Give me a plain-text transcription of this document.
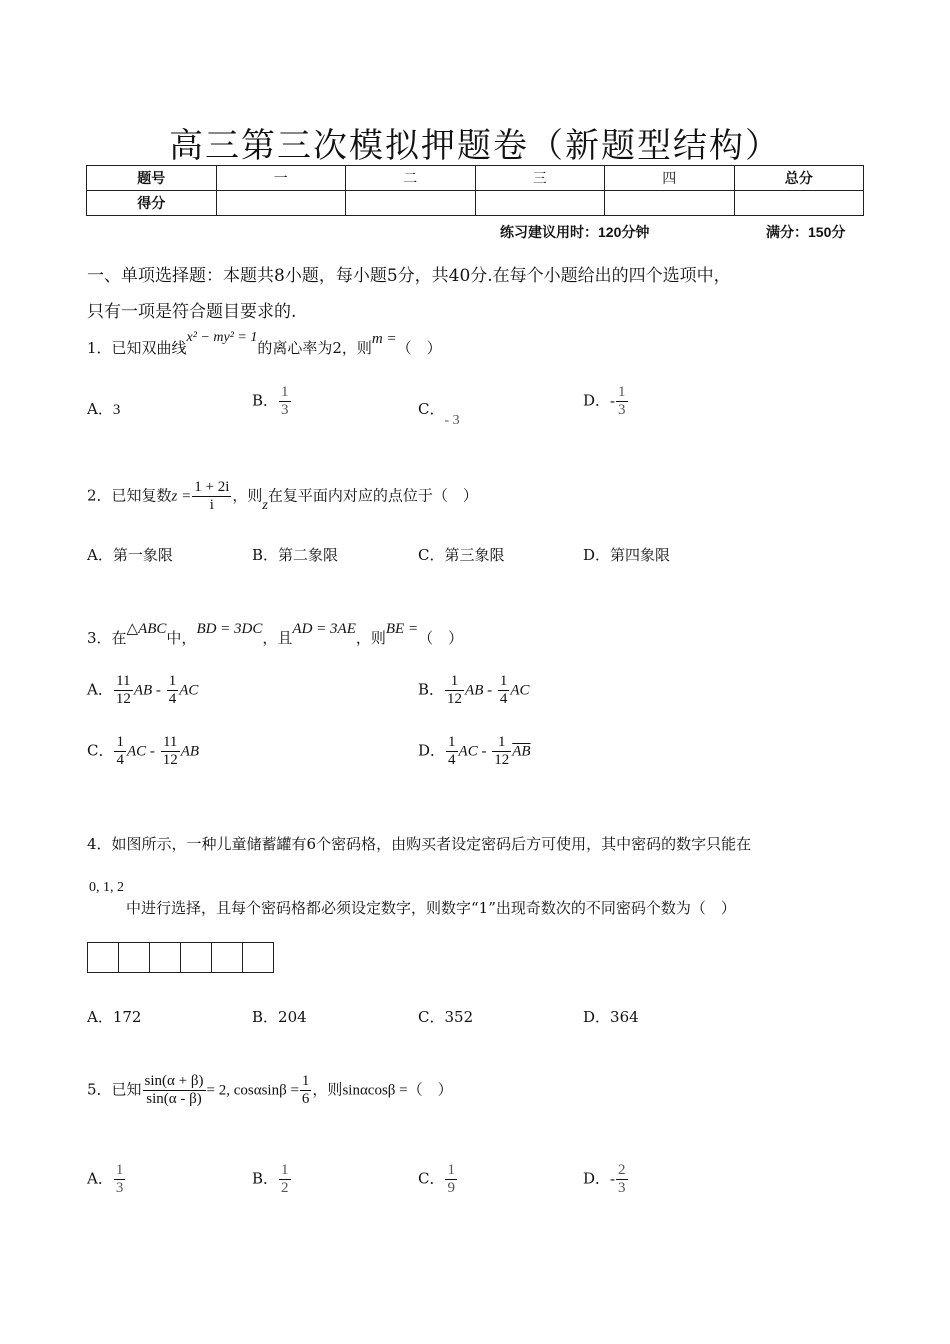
高三第三次模拟押题卷（新题型结构）
题号	一	二	三	四	总分
得分					
练习建议用时：120分钟	满分：150分
一、单项选择题：本题共8小题，每小题5分，共40分.在每个小题给出的四个选项中，
只有一项是符合题目要求的.
1．已知双曲线x² − my² = 1的离心率为2，则m =（　）
A．3
B． $\frac{1}{3}$	C．- 3
D．- $\frac{1}{3}$
2．已知复数$z = \frac{1 + 2i}{i}$ ，则z在复平面内对应的点位于（　）
A．第一象限	B．第二象限	C．第三象限	D．第四象限
3．在△ABC中，BD = 3DC，且AD = 3AE，则BE =（　）
A． $\frac{11}{12}$ AB - $\frac{1}{4}$ AC	B． $\frac{1}{12}$ AB - $\frac{1}{4}$ AC
C． $\frac{1}{4}$ AC - $\frac{11}{12}$ AB	D． $\frac{1}{4}$ AC - $\frac{1}{12} \overline{AB}$
4．如图所示，一种儿童储蓄罐有6个密码格，由购买者设定密码后方可使用，其中密码的数字只能在
0, 1, 2
中进行选择，且每个密码格都必须设定数字，则数字“1”出现奇数次的不同密码个数为（　）
A．172	B．204	C．352	D．364
5．已知 $\frac{\sin(\alpha + \beta)}{\sin(\alpha - \beta)} = 2$, $\cos\alpha\sin\beta = \frac{1}{6}$ ，则sinαcosβ =（　）
A． $\frac{1}{3}$	B． $\frac{1}{2}$	C． $\frac{1}{9}$	D．- $\frac{2}{3}$
